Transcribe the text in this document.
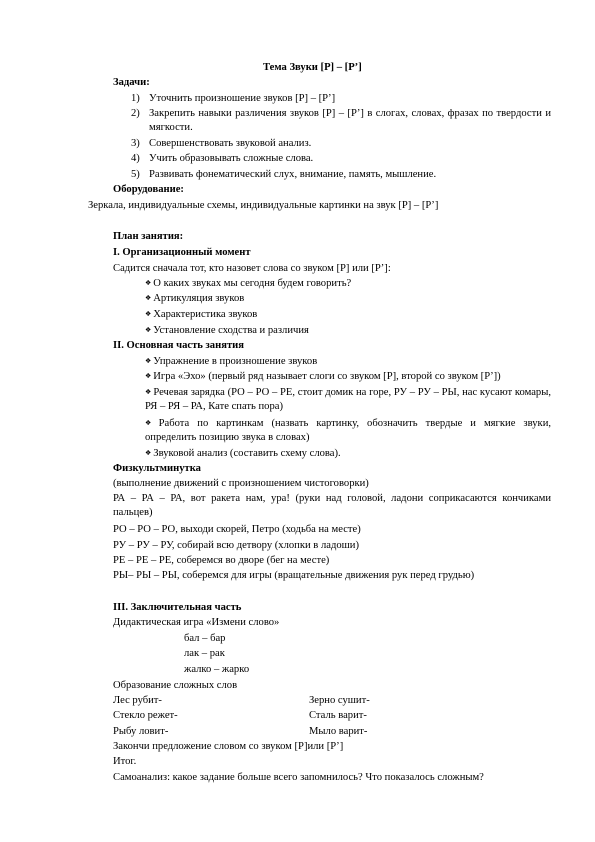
Тема Звуки [Р] – [Р’]
Задачи:
1) Уточнить произношение звуков [Р] – [Р’]
2) Закрепить навыки различения звуков [Р] – [Р’] в слогах, словах, фразах по твердости и мягкости.
3) Совершенствовать звуковой анализ.
4) Учить образовывать сложные слова.
5) Развивать фонематический слух, внимание, память, мышление.
Оборудование:
Зеркала, индивидуальные схемы, индивидуальные картинки на звук [Р] – [Р’]
План занятия:
I. Организационный момент
Садится сначала тот, кто назовет слова со звуком [Р] или [Р’]:
❖ О каких звуках мы сегодня будем говорить?
❖ Артикуляция звуков
❖ Характеристика звуков
❖ Установление сходства и различия
II. Основная часть занятия
❖ Упражнение в произношение звуков
❖ Игра «Эхо» (первый ряд называет слоги со звуком [Р], второй со звуком [Р’])
❖ Речевая зарядка (РО – РО – РЕ, стоит домик на горе, РУ – РУ – РЫ, нас кусают комары, РЯ – РЯ – РА, Кате спать пора)
❖ Работа по картинкам (назвать картинку, обозначить твердые и мягкие звуки, определить позицию звука в словах)
❖ Звуковой анализ (составить схему слова).
Физкультминутка
(выполнение движений с произношением чистоговорки)
РА – РА – РА, вот ракета нам, ура! (руки над головой, ладони соприкасаются кончиками пальцев)
РО – РО – РО, выходи скорей, Петро (ходьба на месте)
РУ – РУ – РУ, собирай всю детвору (хлопки в ладоши)
РЕ – РЕ – РЕ, соберемся во дворе (бег на месте)
РЫ– РЫ – РЫ, соберемся для игры (вращательные движения рук перед грудью)
III. Заключительная часть
Дидактическая игра «Измени слово»
бал – бар
лак – рак
жалко – жарко
Образование сложных слов
Лес рубит-	Зерно сушит-
Стекло режет-	Сталь варит-
Рыбу ловит-	Мыло варит-
Закончи предложение словом со звуком [Р]или [Р’]
Итог.
Самоанализ: какое задание больше всего запомнилось? Что показалось сложным?
